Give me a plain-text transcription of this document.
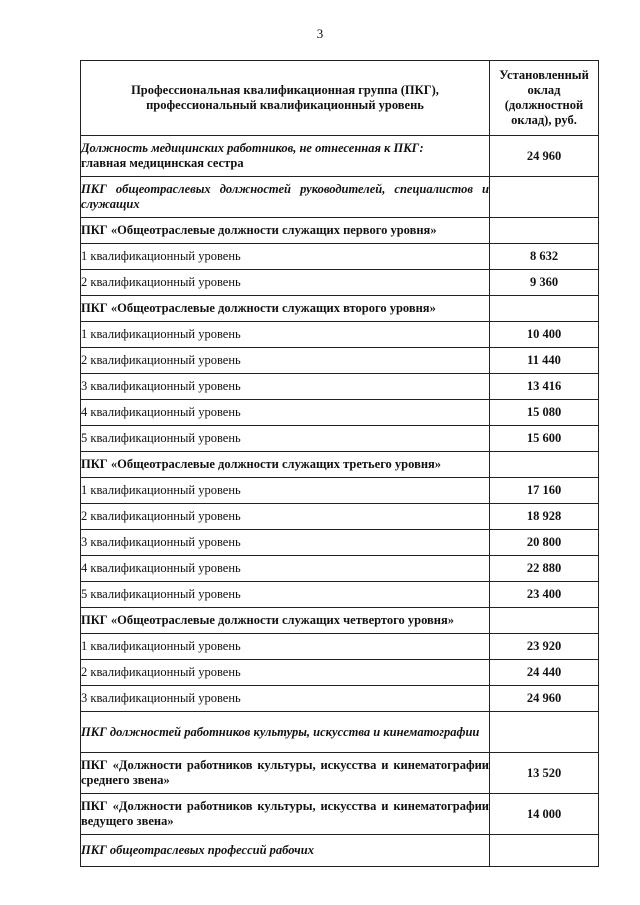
3
Профессиональная квалификационная группа (ПКГ), профессиональный квалификационный уровень	Установленный оклад (должностной оклад), руб.
Должность медицинских работников, не отнесенная к ПКГ:
главная медицинская сестра	24 960
ПКГ общеотраслевых должностей руководителей, специалистов и служащих	
ПКГ «Общеотраслевые должности служащих первого уровня»	
1 квалификационный уровень	8 632
2 квалификационный уровень	9 360
ПКГ «Общеотраслевые должности служащих второго уровня»	
1 квалификационный уровень	10 400
2 квалификационный уровень	11 440
3 квалификационный уровень	13 416
4 квалификационный уровень	15 080
5 квалификационный уровень	15 600
ПКГ «Общеотраслевые должности служащих третьего уровня»	
1 квалификационный уровень	17 160
2 квалификационный уровень	18 928
3 квалификационный уровень	20 800
4 квалификационный уровень	22 880
5 квалификационный уровень	23 400
ПКГ «Общеотраслевые должности служащих четвертого уровня»	
1 квалификационный уровень	23 920
2 квалификационный уровень	24 440
3 квалификационный уровень	24 960
ПКГ должностей работников культуры, искусства и кинематографии	
ПКГ «Должности работников культуры, искусства и кинематографии среднего звена»	13 520
ПКГ «Должности работников культуры, искусства и кинематографии ведущего звена»	14 000
ПКГ общеотраслевых профессий рабочих	
